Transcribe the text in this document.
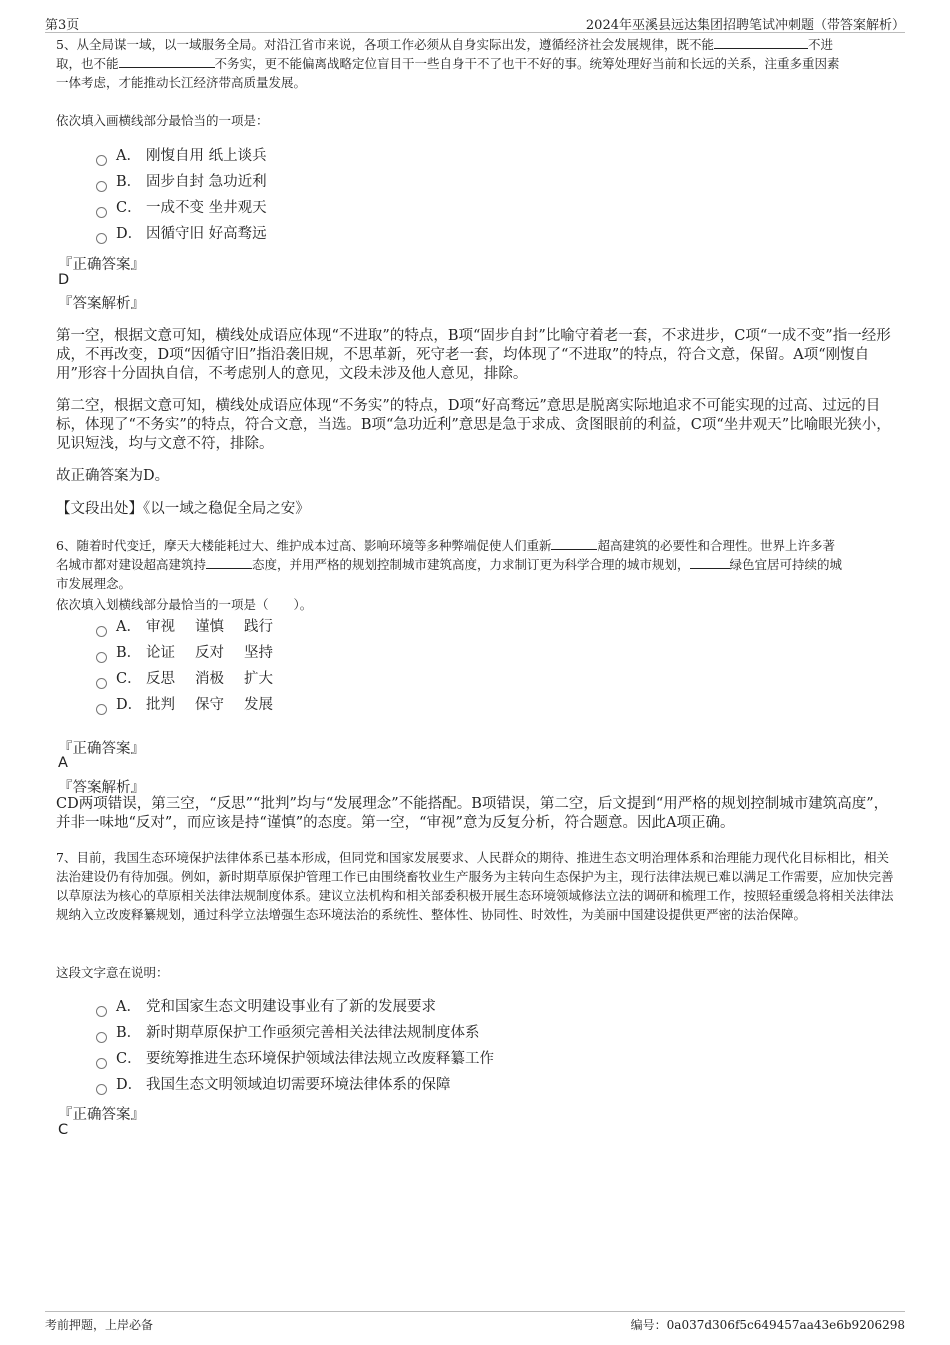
第3页	2024年巫溪县远达集团招聘笔试冲刺题（带答案解析）

5、从全局谋一域，以一域服务全局。对沿江省市来说，各项工作必须从自身实际出发，遵循经济社会发展规律，既不能	不进

取，也不能	不务实，更不能偏离战略定位盲目干一些自身干不了也干不好的事。统筹处理好当前和长远的关系，注重多重因素

一体考虑，才能推动长江经济带高质量发展。

依次填入画横线部分最恰当的一项是：
A． 刚愎自用 纸上谈兵
B． 固步自封 急功近利
C． 一成不变 坐井观天
D． 因循守旧 好高骛远
『正确答案』
D
『答案解析』
第一空，根据文意可知，横线处成语应体现“不进取”的特点，B项“固步自封”比喻守着老一套，不求进步，C项“一成不变”指一经形成，不再改变，D项“因循守旧”指沿袭旧规，不思革新，死守老一套，均体现了“不进取”的特点，符合文意，保留。A项“刚愎自用”形容十分固执自信，不考虑别人的意见，文段未涉及他人意见，排除。
第二空，根据文意可知，横线处成语应体现“不务实”的特点，D项“好高骛远”意思是脱离实际地追求不可能实现的过高、过远的目标，体现了“不务实”的特点，符合文意，当选。B项“急功近利”意思是急于求成、贪图眼前的利益，C项“坐井观天”比喻眼光狭小，见识短浅，均与文意不符，排除。
故正确答案为D。
【文段出处】《以一域之稳促全局之安》

6、随着时代变迁，摩天大楼能耗过大、维护成本过高、影响环境等多种弊端促使人们重新	超高建筑的必要性和合理性。世界上许多著

名城市都对建设超高建筑持	态度，并用严格的规划控制城市建筑高度，力求制订更为科学合理的城市规划，	绿色宜居可持续的城

市发展理念。

依次填入划横线部分最恰当的一项是（　　）。
A． 审视 谨慎 践行
B． 论证 反对 坚持
C． 反思 消极 扩大
D． 批判 保守 发展
『正确答案』
A
『答案解析』
CD两项错误，第三空，“反思”“批判”均与“发展理念”不能搭配。B项错误，第二空，后文提到“用严格的规划控制城市建筑高度”，并非一味地“反对”，而应该是持“谨慎”的态度。第一空，“审视”意为反复分析，符合题意。因此A项正确。
7、目前，我国生态环境保护法律体系已基本形成，但同党和国家发展要求、人民群众的期待、推进生态文明治理体系和治理能力现代化目标相比，相关法治建设仍有待加强。例如，新时期草原保护管理工作已由围绕畜牧业生产服务为主转向生态保护为主，现行法律法规已难以满足工作需要，应加快完善以草原法为核心的草原相关法律法规制度体系。建议立法机构和相关部委积极开展生态环境领域修法立法的调研和梳理工作，按照轻重缓急将相关法律法规纳入立改废释纂规划，通过科学立法增强生态环境法治的系统性、整体性、协同性、时效性，为美丽中国建设提供更严密的法治保障。
这段文字意在说明：
A． 党和国家生态文明建设事业有了新的发展要求
B． 新时期草原保护工作亟须完善相关法律法规制度体系
C． 要统筹推进生态环境保护领域法律法规立改废释纂工作
D． 我国生态文明领域迫切需要环境法律体系的保障
『正确答案』
C
考前押题，上岸必备	编号：0a037d306f5c649457aa43e6b9206298
